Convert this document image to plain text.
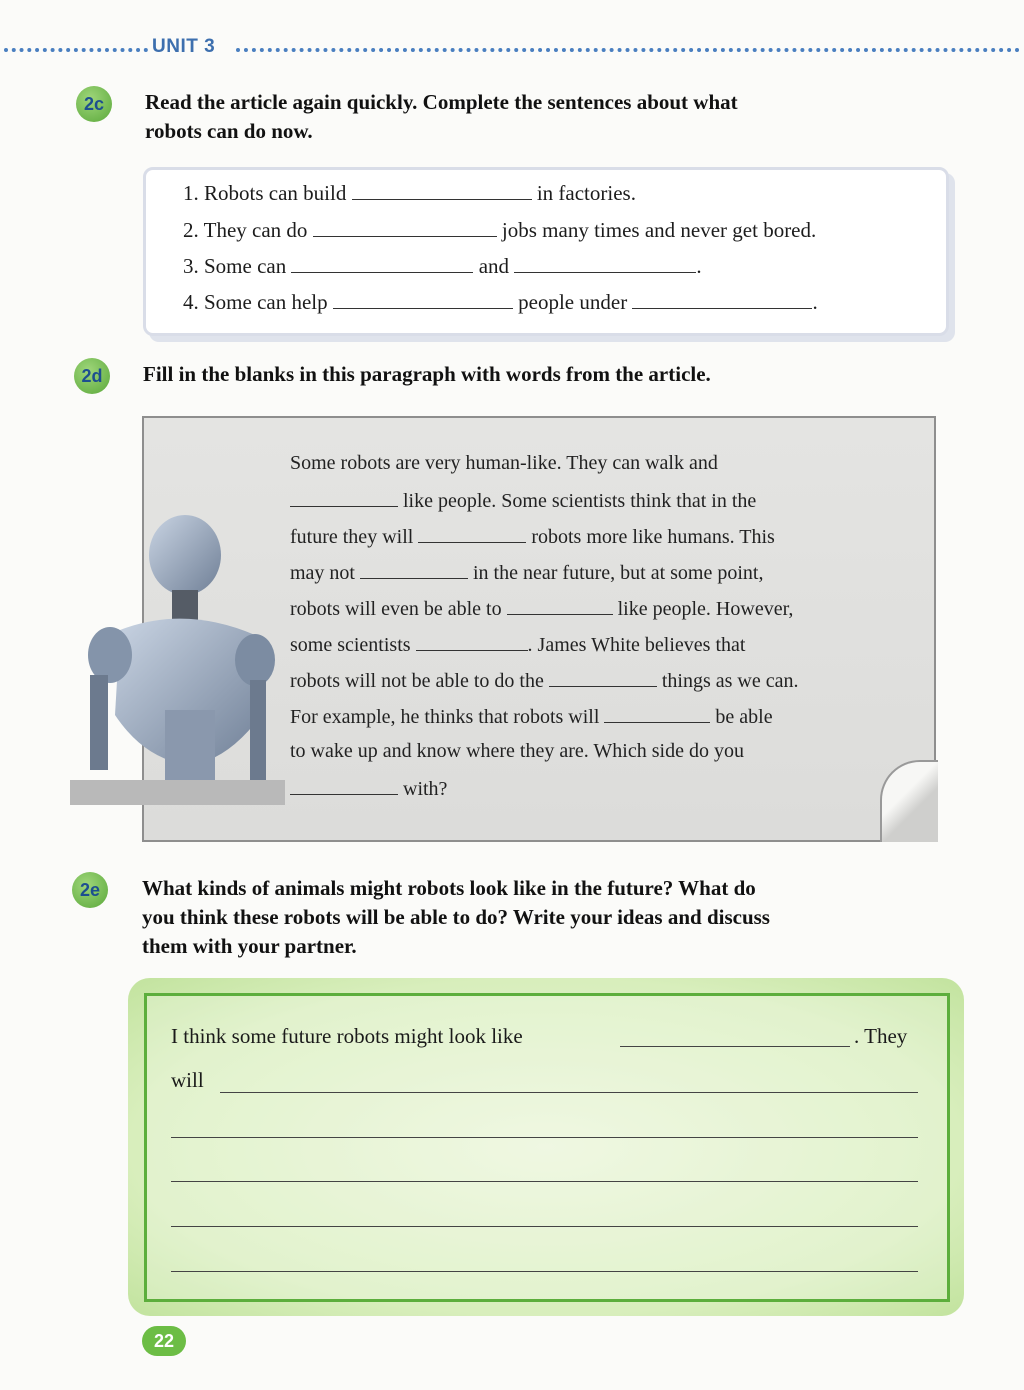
UNIT 3
2c	Read the article again quickly. Complete the sentences about what
robots can do now.
1. Robots can build	in factories.
2. They can do	jobs many times and never get bored.
3. Some can	and	.
4. Some can help	people under	.
2d	Fill in the blanks in this paragraph with words from the article.
Some robots are very human-like. They can walk and
like people. Some scientists think that in the
future they will	robots more like humans. This
may not	in the near future, but at some point,
robots will even be able to	like people. However,
some scientists	. James White believes that
robots will not be able to do the	things as we can.
For example, he thinks that robots will	be able
to wake up and know where they are. Which side do you
with?
2e	What kinds of animals might robots look like in the future? What do
you think these robots will be able to do? Write your ideas and discuss
them with your partner.
I think some future robots might look like	. They
will
22
